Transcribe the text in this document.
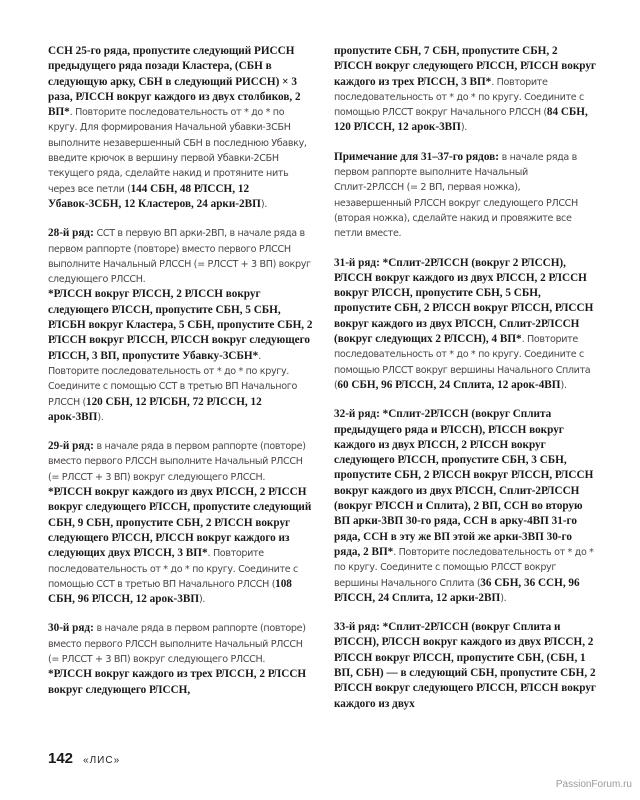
ССН 25-го ряда, пропустите следующий РИССН предыдущего ряда позади Кластера, (СБН в следующую арку, СБН в следующий РИССН) × 3 раза, РЛССН вокруг каждого из двух столбиков, 2 ВП*. Повторите последовательность от * до * по кругу. Для формирования Начальной убавки-3СБН выполните незавершенный СБН в последнюю Убавку, введите крючок в вершину первой Убавки-2СБН текущего ряда, сделайте накид и протяните нить через все петли (144 СБН, 48 РЛССН, 12 Убавок-3СБН, 12 Кластеров, 24 арки-2ВП).

28-й ряд: ССТ в первую ВП арки-2ВП, в начале ряда в первом раппорте (повторе) вместо первого РЛССН выполните Начальный РЛССН (= РЛССТ + 3 ВП) вокруг следующего РЛССН.
*РЛССН вокруг РЛССН, 2 РЛССН вокруг следующего РЛССН, пропустите СБН, 5 СБН, РЛСБН вокруг Кластера, 5 СБН, пропустите СБН, 2 РЛССН вокруг РЛССН, РЛССН вокруг следующего РЛССН, 3 ВП, пропустите Убавку-3СБН*. Повторите последовательность от * до * по кругу. Соедините с помощью ССТ в третью ВП Начального РЛССН (120 СБН, 12 РЛСБН, 72 РЛССН, 12 арок-3ВП).

29-й ряд: в начале ряда в первом раппорте (повторе) вместо первого РЛССН выполните Начальный РЛССН (= РЛССТ + 3 ВП) вокруг следующего РЛССН.
*РЛССН вокруг каждого из двух РЛССН, 2 РЛССН вокруг следующего РЛССН, пропустите следующий СБН, 9 СБН, пропустите СБН, 2 РЛССН вокруг следующего РЛССН, РЛССН вокруг каждого из следующих двух РЛССН, 3 ВП*. Повторите последовательность от * до * по кругу. Соедините с помощью ССТ в третью ВП Начального РЛССН (108 СБН, 96 РЛССН, 12 арок-3ВП).

30-й ряд: в начале ряда в первом раппорте (повторе) вместо первого РЛССН выполните Начальный РЛССН (= РЛССТ + 3 ВП) вокруг следующего РЛССН.
*РЛССН вокруг каждого из трех РЛССН, 2 РЛССН вокруг следующего РЛССН,

пропустите СБН, 7 СБН, пропустите СБН, 2 РЛССН вокруг следующего РЛССН, РЛССН вокруг каждого из трех РЛССН, 3 ВП*. Повторите последовательность от * до * по кругу. Соедините с помощью РЛССТ вокруг Начального РЛССН (84 СБН, 120 РЛССН, 12 арок-3ВП).

Примечание для 31–37-го рядов: в начале ряда в первом раппорте выполните Начальный Сплит-2РЛССН (= 2 ВП, первая ножка), незавершенный РЛССН вокруг следующего РЛССН (вторая ножка), сделайте накид и провяжите все петли вместе.

31-й ряд: *Сплит-2РЛССН (вокруг 2 РЛССН), РЛССН вокруг каждого из двух РЛССН, 2 РЛССН вокруг РЛССН, пропустите СБН, 5 СБН, пропустите СБН, 2 РЛССН вокруг РЛССН, РЛССН вокруг каждого из двух РЛССН, Сплит-2РЛССН (вокруг следующих 2 РЛССН), 4 ВП*. Повторите последовательность от * до * по кругу. Соедините с помощью РЛССТ вокруг вершины Начального Сплита (60 СБН, 96 РЛССН, 24 Сплита, 12 арок-4ВП).

32-й ряд: *Сплит-2РЛССН (вокруг Сплита предыдущего ряда и РЛССН), РЛССН вокруг каждого из двух РЛССН, 2 РЛССН вокруг следующего РЛССН, пропустите СБН, 3 СБН, пропустите СБН, 2 РЛССН вокруг РЛССН, РЛССН вокруг каждого из двух РЛССН, Сплит-2РЛССН (вокруг РЛССН и Сплита), 2 ВП, ССН во вторую ВП арки-3ВП 30-го ряда, ССН в арку-4ВП 31-го ряда, ССН в эту же ВП этой же арки-3ВП 30-го ряда, 2 ВП*. Повторите последовательность от * до * по кругу. Соедините с помощью РЛССТ вокруг вершины Начального Сплита (36 СБН, 36 ССН, 96 РЛССН, 24 Сплита, 12 арки-2ВП).

33-й ряд: *Сплит-2РЛССН (вокруг Сплита и РЛССН), РЛССН вокруг каждого из двух РЛССН, 2 РЛССН вокруг РЛССН, пропустите СБН, (СБН, 1 ВП, СБН) — в следующий СБН, пропустите СБН, 2 РЛССН вокруг следующего РЛССН, РЛССН вокруг каждого из двух

142 «ЛИС»
PassionForum.ru
